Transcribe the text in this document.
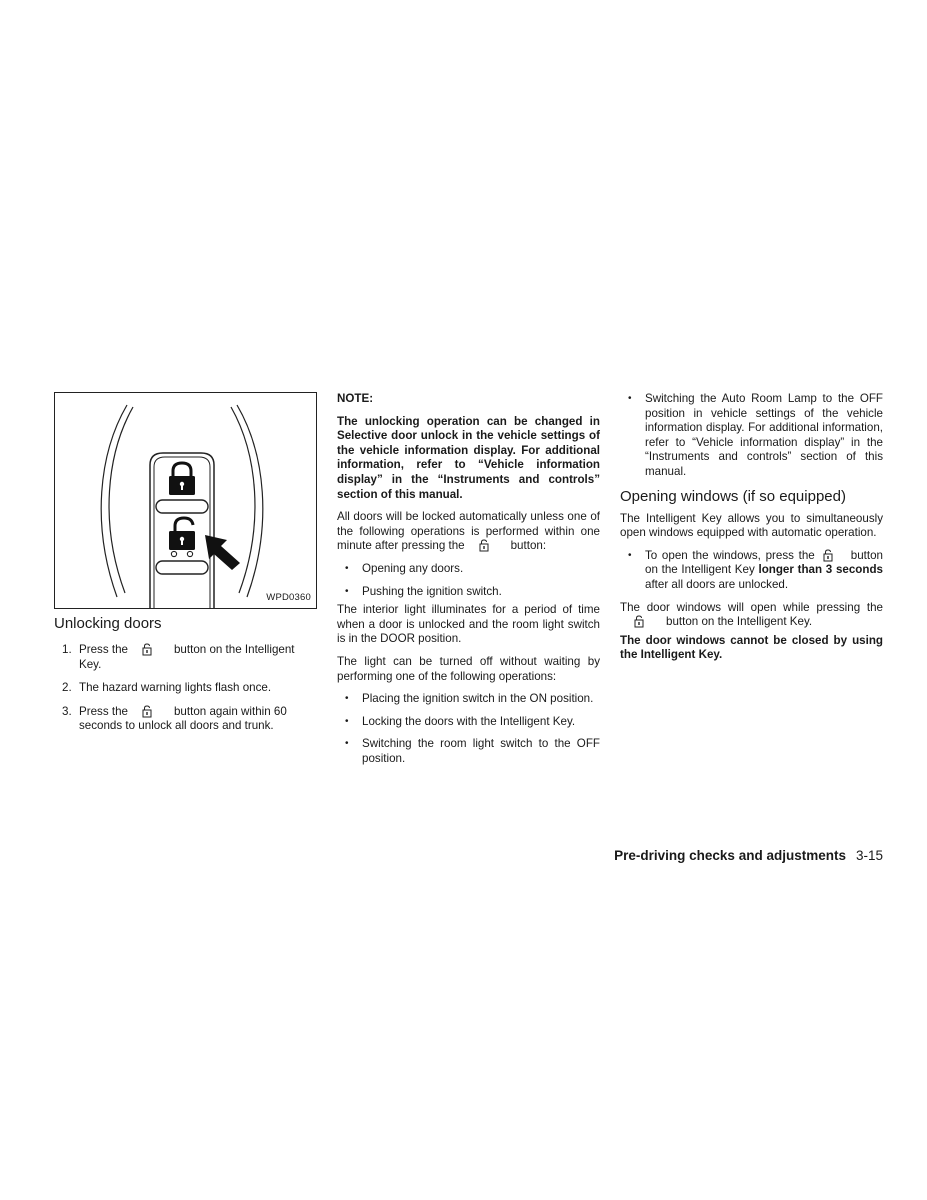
WPD0360
Unlocking doors
1. Press the	button on the Intelligent Key.
2. The hazard warning lights flash once.
3. Press the	button again within 60 seconds to unlock all doors and trunk.
NOTE:

The unlocking operation can be changed in Selective door unlock in the vehicle settings of the vehicle information display. For additional information, refer to “Vehicle information display” in the “Instruments and controls” section of this manual.

All doors will be locked automatically unless one of the following operations is performed within one minute after pressing the	button:

• Opening any doors.
• Pushing the ignition switch.

The interior light illuminates for a period of time when a door is unlocked and the room light switch is in the DOOR position.

The light can be turned off without waiting by performing one of the following operations:

• Placing the ignition switch in the ON position.
• Locking the doors with the Intelligent Key.
• Switching the room light switch to the OFF position.
• Switching the Auto Room Lamp to the OFF position in vehicle settings of the vehicle information display. For additional information, refer to “Vehicle information display” in the “Instruments and controls” section of this manual.
Opening windows (if so equipped)

The Intelligent Key allows you to simultaneously open windows equipped with automatic operation.

• To open the windows, press the	button on the Intelligent Key longer than 3 seconds after all doors are unlocked.

The door windows will open while pressing thebutton on the Intelligent Key.

The door windows cannot be closed by using the Intelligent Key.

Pre-driving checks and adjustments 3-15
